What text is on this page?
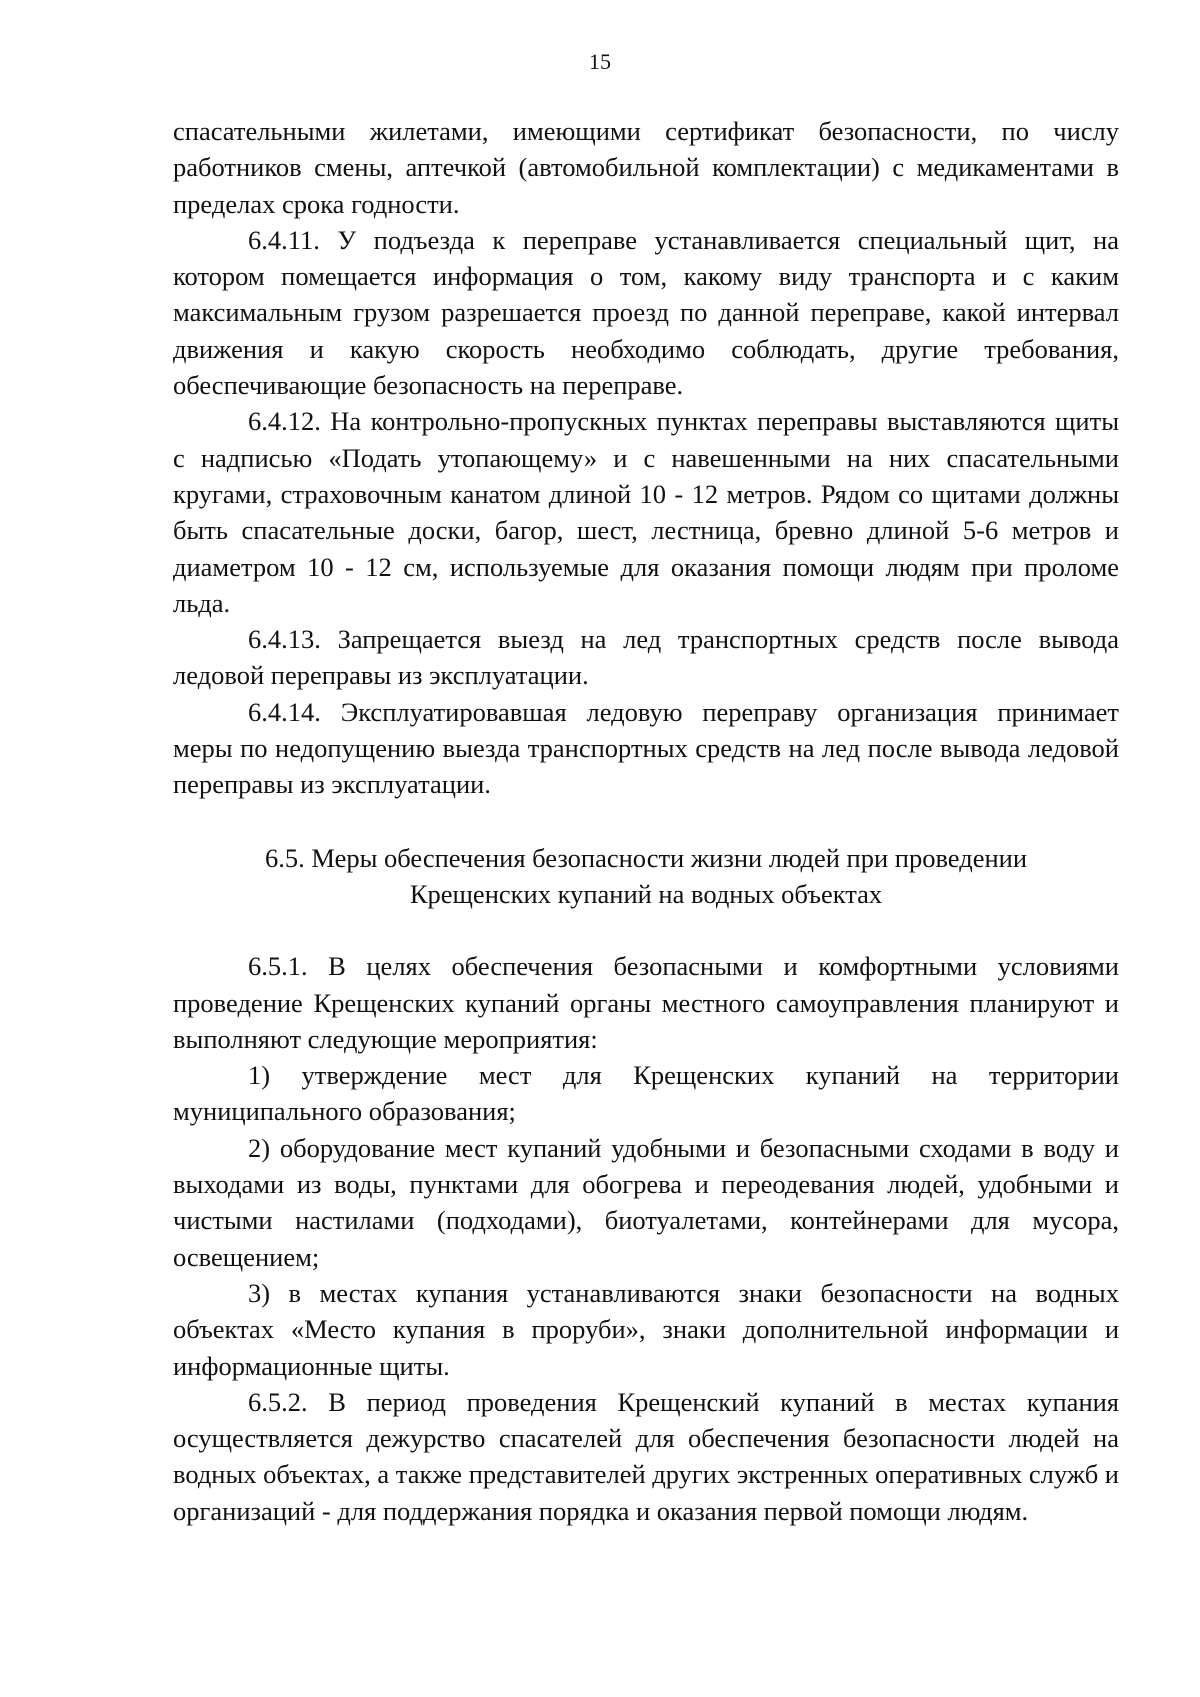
15

спасательными жилетами, имеющими сертификат безопасности, по числу работников смены, аптечкой (автомобильной комплектации) с медикаментами в пределах срока годности.

6.4.11. У подъезда к переправе устанавливается специальный щит, на котором помещается информация о том, какому виду транспорта и с каким максимальным грузом разрешается проезд по данной переправе, какой интервал движения и какую скорость необходимо соблюдать, другие требования, обеспечивающие безопасность на переправе.

6.4.12. На контрольно-пропускных пунктах переправы выставляются щиты с надписью «Подать утопающему» и с навешенными на них спасательными кругами, страховочным канатом длиной 10 - 12 метров. Рядом со щитами должны быть спасательные доски, багор, шест, лестница, бревно длиной 5-6 метров и диаметром 10 - 12 см, используемые для оказания помощи людям при проломе льда.

6.4.13. Запрещается выезд на лед транспортных средств после вывода ледовой переправы из эксплуатации.

6.4.14. Эксплуатировавшая ледовую переправу организация принимает меры по недопущению выезда транспортных средств на лед после вывода ледовой переправы из эксплуатации.

6.5. Меры обеспечения безопасности жизни людей при проведении
Крещенских купаний на водных объектах

6.5.1. В целях обеспечения безопасными и комфортными условиями проведение Крещенских купаний органы местного самоуправления планируют и выполняют следующие мероприятия:

1) утверждение мест для Крещенских купаний на территории муниципального образования;

2) оборудование мест купаний удобными и безопасными сходами в воду и выходами из воды, пунктами для обогрева и переодевания людей, удобными и чистыми настилами (подходами), биотуалетами, контейнерами для мусора, освещением;

3) в местах купания устанавливаются знаки безопасности на водных объектах «Место купания в проруби», знаки дополнительной информации и информационные щиты.

6.5.2. В период проведения Крещенский купаний в местах купания осуществляется дежурство спасателей для обеспечения безопасности людей на водных объектах, а также представителей других экстренных оперативных служб и организаций - для поддержания порядка и оказания первой помощи людям.
